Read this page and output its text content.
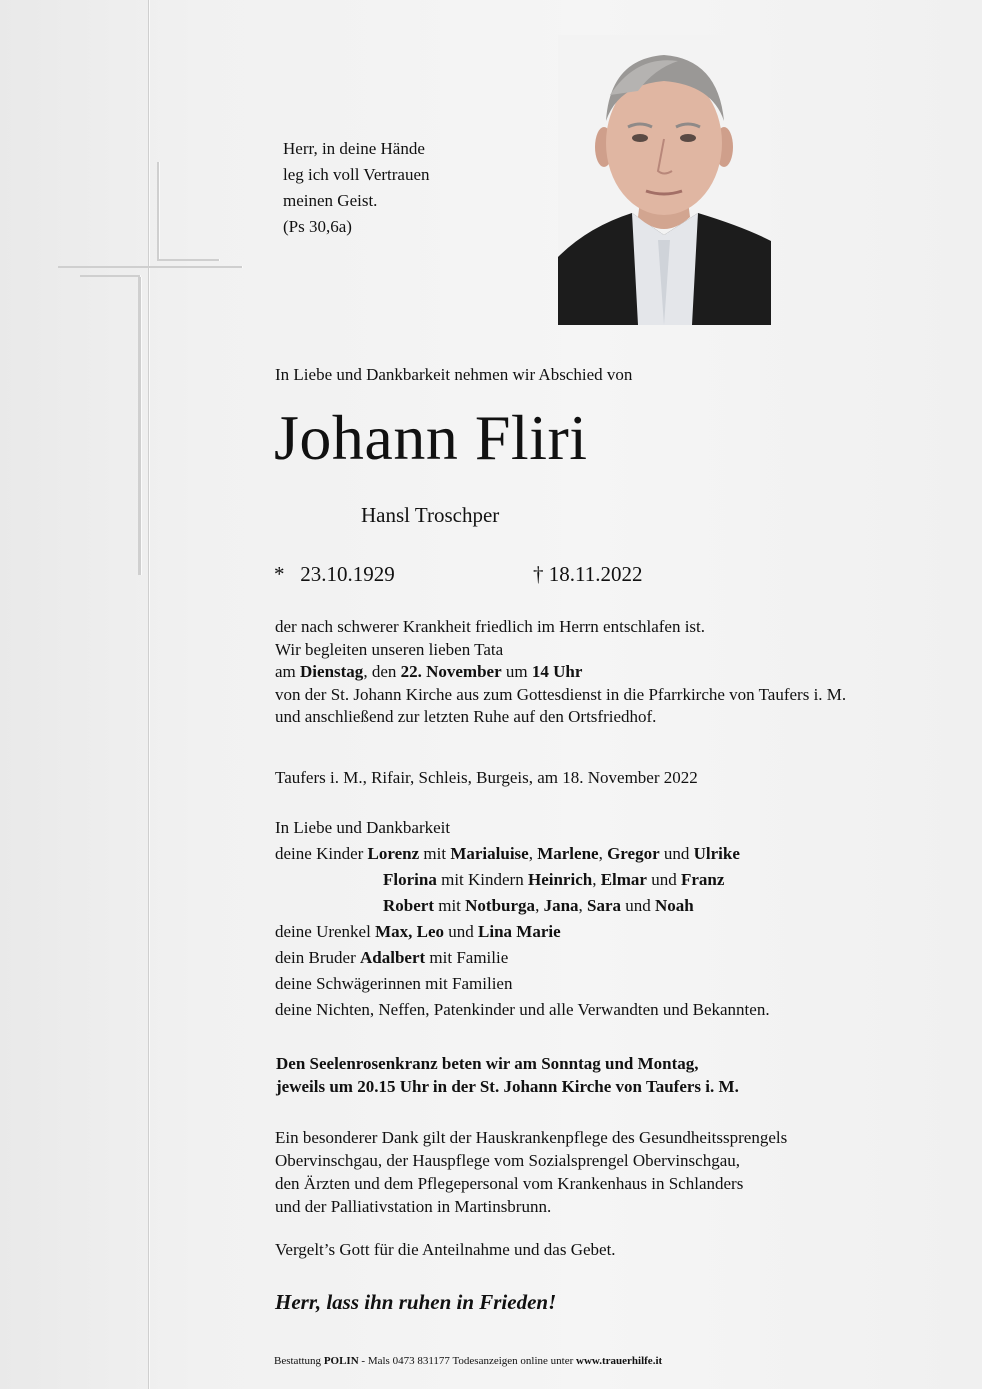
Herr, in deine Hände
leg ich voll Vertrauen
meinen Geist.
(Ps 30,6a)
In Liebe und Dankbarkeit nehmen wir Abschied von
Johann Fliri
Hansl Troschper
* 23.10.1929	† 18.11.2022
der nach schwerer Krankheit friedlich im Herrn entschlafen ist.
Wir begleiten unseren lieben Tata
am Dienstag, den 22. November um 14 Uhr
von der St. Johann Kirche aus zum Gottesdienst in die Pfarrkirche von Taufers i. M.
und anschließend zur letzten Ruhe auf den Ortsfriedhof.
Taufers i. M., Rifair, Schleis, Burgeis, am 18. November 2022
In Liebe und Dankbarkeit
deine Kinder Lorenz mit Marialuise, Marlene, Gregor und Ulrike
Florina mit Kindern Heinrich, Elmar und Franz
Robert mit Notburga, Jana, Sara und Noah
deine Urenkel Max, Leo und Lina Marie
dein Bruder Adalbert mit Familie
deine Schwägerinnen mit Familien
deine Nichten, Neffen, Patenkinder und alle Verwandten und Bekannten.
Den Seelenrosenkranz beten wir am Sonntag und Montag,
jeweils um 20.15 Uhr in der St. Johann Kirche von Taufers i. M.
Ein besonderer Dank gilt der Hauskrankenpflege des Gesundheitssprengels
Obervinschgau, der Hauspflege vom Sozialsprengel Obervinschgau,
den Ärzten und dem Pflegepersonal vom Krankenhaus in Schlanders
und der Palliativstation in Martinsbrunn.
Vergelt’s Gott für die Anteilnahme und das Gebet.
Herr, lass ihn ruhen in Frieden!
Bestattung POLIN - Mals 0473 831177 Todesanzeigen online unter www.trauerhilfe.it
